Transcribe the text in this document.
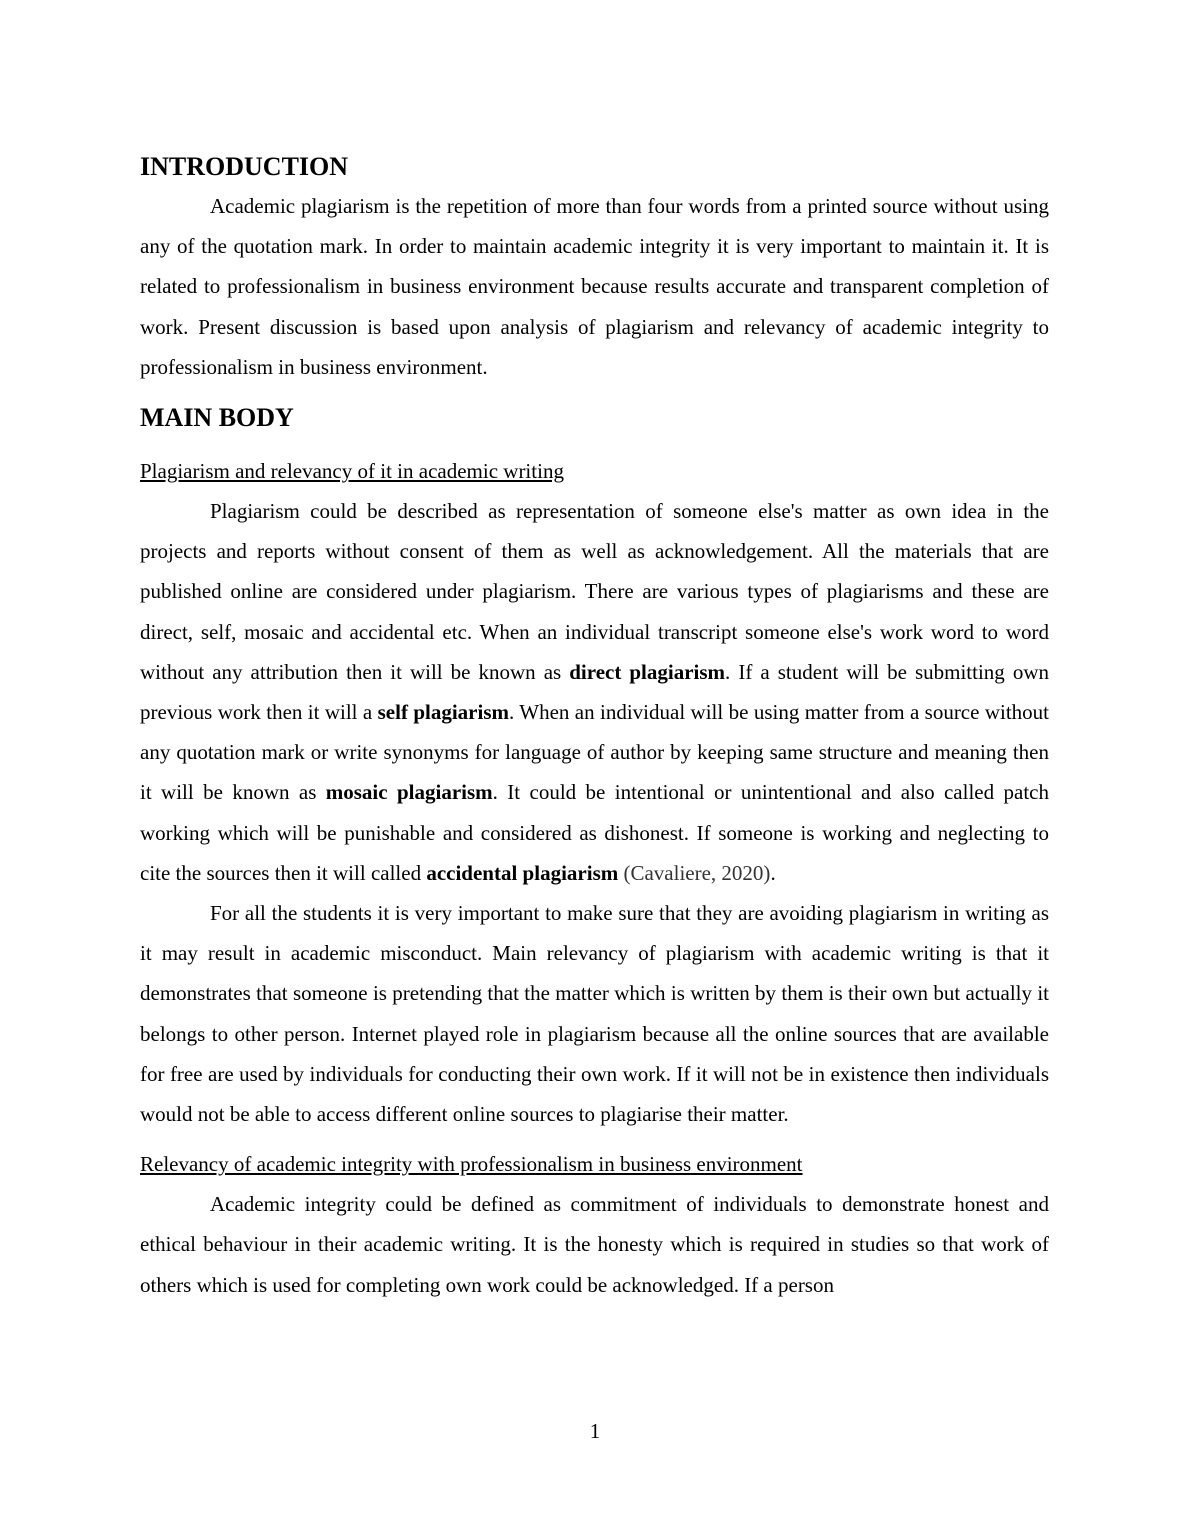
INTRODUCTION

Academic plagiarism is the repetition of more than four words from a printed source without using any of the quotation mark. In order to maintain academic integrity it is very important to maintain it. It is related to professionalism in business environment because results accurate and transparent completion of work. Present discussion is based upon analysis of plagiarism and relevancy of academic integrity to professionalism in business environment.

MAIN BODY
Plagiarism and relevancy of it in academic writing

Plagiarism could be described as representation of someone else's matter as own idea in the projects and reports without consent of them as well as acknowledgement. All the materials that are published online are considered under plagiarism. There are various types of plagiarisms and these are direct, self, mosaic and accidental etc. When an individual transcript someone else's work word to word without any attribution then it will be known as direct plagiarism. If a student will be submitting own previous work then it will a self plagiarism. When an individual will be using matter from a source without any quotation mark or write synonyms for language of author by keeping same structure and meaning then it will be known as mosaic plagiarism. It could be intentional or unintentional and also called patch working which will be punishable and considered as dishonest. If someone is working and neglecting to cite the sources then it will called accidental plagiarism (Cavaliere, 2020).

For all the students it is very important to make sure that they are avoiding plagiarism in writing as it may result in academic misconduct. Main relevancy of plagiarism with academic writing is that it demonstrates that someone is pretending that the matter which is written by them is their own but actually it belongs to other person. Internet played role in plagiarism because all the online sources that are available for free are used by individuals for conducting their own work. If it will not be in existence then individuals would not be able to access different online sources to plagiarise their matter.

Relevancy of academic integrity with professionalism in business environment

Academic integrity could be defined as commitment of individuals to demonstrate honest and ethical behaviour in their academic writing. It is the honesty which is required in studies so that work of others which is used for completing own work could be acknowledged. If a person

1
